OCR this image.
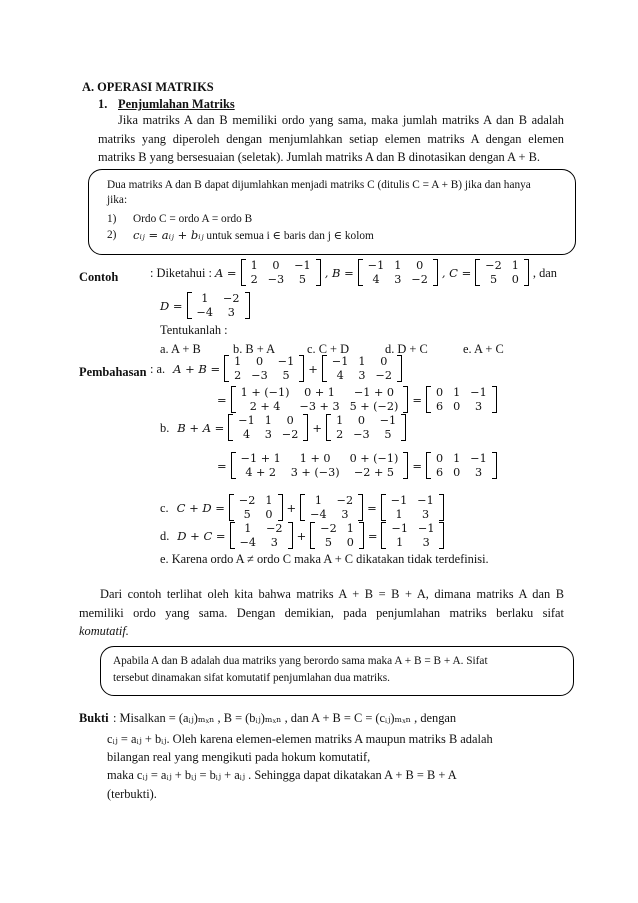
A. OPERASI MATRIKS
1. Penjumlahan Matriks
Jika matriks A dan B memiliki ordo yang sama, maka jumlah matriks A dan B adalah
matriks yang diperoleh dengan menjumlahkan setiap elemen matriks A dengan elemen
matriks B yang bersesuaian (seletak). Jumlah matriks A dan B dinotasikan dengan A + B.
Dua matriks A dan B dapat dijumlahkan menjadi matriks C (ditulis C = A + B) jika dan hanya
jika:
1) Ordo C = ordo A = ordo B
2) cᵢⱼ = aᵢⱼ + bᵢⱼ untuk semua i ∈ baris dan j ∈ kolom
Contoh	: Diketahui : A = 1	0	−1
2	−3	5 , B = −1	1	0
4	3	−2 , C = −2	1
5	0 , dan
D = 1	−2
−4	3
Tentukanlah :
a. A + B	b. B + A	c. C + D	d. D + C	e. A + C
Pembahasan : a. A + B = 1	0	−1
2	−3	5 + −1	1	0
4	3	−2
= 1 + (−1)	0 + 1	−1 + 0
2 + 4	−3 + 3	5 + (−2) = 0	1	−1
6	0	3
b. B + A = −1	1	0
4	3	−2 + 1	0	−1
2	−3	5
= −1 + 1	1 + 0	0 + (−1)
4 + 2	3 + (−3)	−2 + 5 = 0	1	−1
6	0	3
c. C + D = −2	1
5	0 + 1	−2
−4	3 = −1	−1
1	3
d. D + C = 1	−2
−4	3 + −2	1
5	0 = −1	−1
1	3
e. Karena ordo A ≠ ordo C maka A + C dikatakan tidak terdefinisi.
Dari contoh terlihat oleh kita bahwa matriks A + B = B + A, dimana matriks A dan B
memiliki ordo yang sama. Dengan demikian, pada penjumlahan matriks berlaku sifat
komutatif.
Apabila A dan B adalah dua matriks yang berordo sama maka A + B = B + A. Sifat
tersebut dinamakan sifat komutatif penjumlahan dua matriks.
Bukti : Misalkan = (aᵢⱼ)ₘₓₙ , B = (bᵢⱼ)ₘₓₙ , dan A + B = C = (cᵢⱼ)ₘₓₙ , dengan
cᵢⱼ = aᵢⱼ + bᵢⱼ. Oleh karena elemen-elemen matriks A maupun matriks B adalah
bilangan real yang mengikuti pada hokum komutatif,
maka cᵢⱼ = aᵢⱼ + bᵢⱼ = bᵢⱼ + aᵢⱼ . Sehingga dapat dikatakan A + B = B + A
(terbukti).
